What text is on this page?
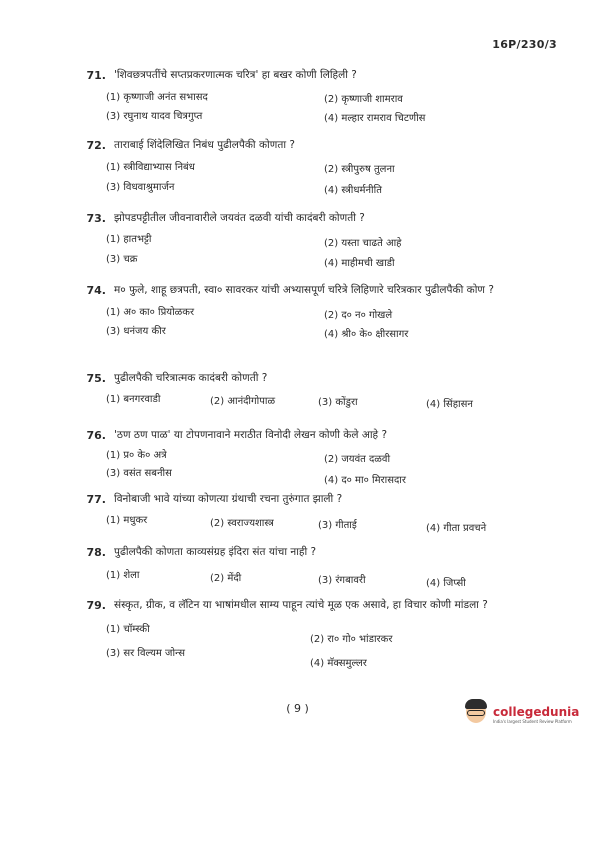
16P/230/3
71. 'शिवछत्रपतींचे सप्तप्रकरणात्मक चरित्र' हा बखर कोणी लिहिली ?
(1) कृष्णाजी अनंत सभासद	(2) कृष्णाजी शामराव
(3) रघुनाथ यादव चित्रगुप्त	(4) मल्हार रामराव चिटणीस
72. ताराबाई शिंदेलिखित निबंध पुढीलपैकी कोणता ?
(1) स्त्रीविद्याभ्यास निबंध	(2) स्त्रीपुरुष तुलना
(3) विधवाश्रुमार्जन	(4) स्त्रीधर्मनीति
73. झोपडपट्टीतील जीवनावारीले जयवंत दळवी यांची कादंबरी कोणती ?
(1) हातभट्टी	(2) यस्ता चाढते आहे
(3) चक्र	(4) माहीमची खाडी
74. म० फुले, शाहू छत्रपती, स्वा० सावरकर यांची अभ्यासपूर्ण चरित्रे लिहिणारे चरित्रकार पुढीलपैकी कोण ?
(1) अ० का० प्रियोळकर	(2) द० न० गोखले
(3) धनंजय कीर	(4) श्री० के० क्षीरसागर
75. पुढीलपैकी चरित्रात्मक कादंबरी कोणती ?
(1) बनगरवाडी	(2) आनंदीगोपाळ	(3) कोंडुरा	(4) सिंहासन
76. 'ठण ठण पाळ' या टोपणनावाने मराठीत विनोदी लेखन कोणी केले आहे ?
(1) प्र० के० अत्रे	(2) जयवंत दळवी
(3) वसंत सबनीस
(4) द० मा० मिरासदार
77. विनोबाजी भावे यांच्या कोणत्या ग्रंथाची रचना तुरुंगात झाली ?
(1) मधुकर	(2) स्वराज्यशास्त्र	(3) गीताई	(4) गीता प्रवचने
78. पुढीलपैकी कोणता काव्यसंग्रह इंदिरा संत यांचा नाही ?
(1) शेला	(2) मेंदी	(3) रंगबावरी	(4) जिप्सी
79. संस्कृत, ग्रीक, व लॅटिन या भाषांमधील साम्य पाहून त्यांचे मूळ एक असावे, हा विचार कोणी मांडला ?
(1) चॉम्स्की
(2) रा० गो० भांडारकर
(3) सर विल्यम जोन्स
(4) मॅक्समुल्लर
( 9 )	collegedunia
India's largest Student Review Platform
